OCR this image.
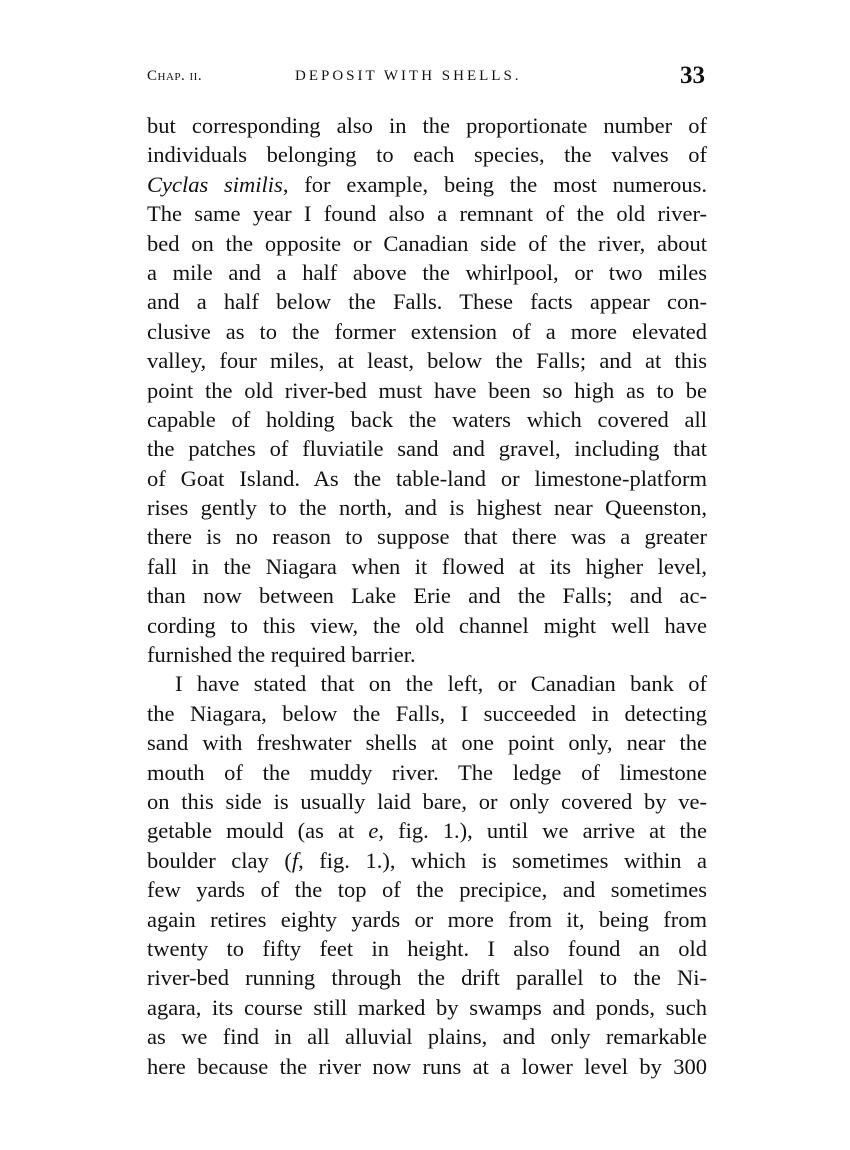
Chap. ii.	DEPOSIT WITH SHELLS.	33
but corresponding also in the proportionate number of
individuals belonging to each species, the valves of
Cyclas similis, for example, being the most numerous.
The same year I found also a remnant of the old river-
bed on the opposite or Canadian side of the river, about
a mile and a half above the whirlpool, or two miles
and a half below the Falls. These facts appear con-
clusive as to the former extension of a more elevated
valley, four miles, at least, below the Falls; and at this
point the old river-bed must have been so high as to be
capable of holding back the waters which covered all
the patches of fluviatile sand and gravel, including that
of Goat Island. As the table-land or limestone-platform
rises gently to the north, and is highest near Queenston,
there is no reason to suppose that there was a greater
fall in the Niagara when it flowed at its higher level,
than now between Lake Erie and the Falls; and ac-
cording to this view, the old channel might well have
furnished the required barrier.
I have stated that on the left, or Canadian bank of
the Niagara, below the Falls, I succeeded in detecting
sand with freshwater shells at one point only, near the
mouth of the muddy river. The ledge of limestone
on this side is usually laid bare, or only covered by ve-
getable mould (as at e, fig. 1.), until we arrive at the
boulder clay (f, fig. 1.), which is sometimes within a
few yards of the top of the precipice, and sometimes
again retires eighty yards or more from it, being from
twenty to fifty feet in height. I also found an old
river-bed running through the drift parallel to the Ni-
agara, its course still marked by swamps and ponds, such
as we find in all alluvial plains, and only remarkable
here because the river now runs at a lower level by 300
